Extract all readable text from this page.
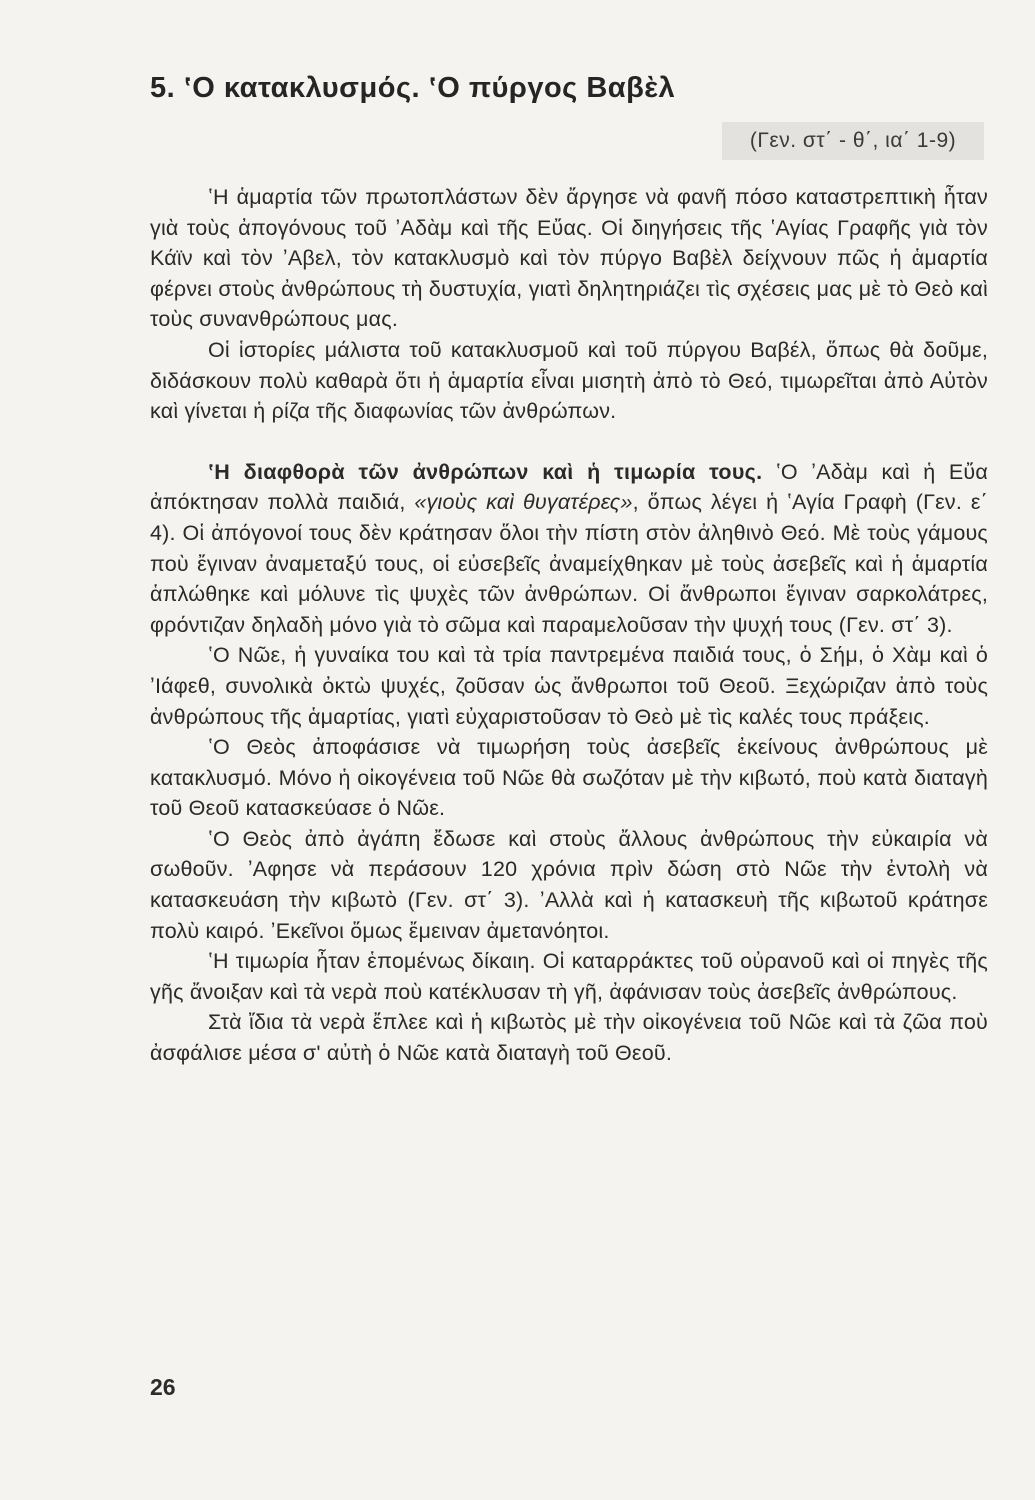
5. ʽΟ κατακλυσμός. ʽΟ πύργος Βαβὲλ
(Γεν. στ΄ - θ΄, ια΄ 1-9)

ʽΗ ἁμαρτία τῶν πρωτοπλάστων δὲν ἄργησε νὰ φανῆ πόσο καταστρεπτικὴ ἦταν γιὰ τοὺς ἀπογόνους τοῦ ʼΑδὰμ καὶ τῆς Εὔας. Οἱ διηγήσεις τῆς ʽΑγίας Γραφῆς γιὰ τὸν Κάϊν καὶ τὸν ʼΑβελ, τὸν κατακλυσμὸ καὶ τὸν πύργο Βαβὲλ δείχνουν πῶς ἡ ἁμαρτία φέρνει στοὺς ἀνθρώπους τὴ δυστυχία, γιατὶ δηλητηριάζει τὶς σχέσεις μας μὲ τὸ Θεὸ καὶ τοὺς συνανθρώπους μας.

Οἱ ἱστορίες μάλιστα τοῦ κατακλυσμοῦ καὶ τοῦ πύργου Βαβέλ, ὅπως θὰ δοῦμε, διδάσκουν πολὺ καθαρὰ ὅτι ἡ ἁμαρτία εἶναι μισητὴ ἀπὸ τὸ Θεό, τιμωρεῖται ἀπὸ Αὐτὸν καὶ γίνεται ἡ ρίζα τῆς διαφωνίας τῶν ἀνθρώπων.

ʽΗ διαφθορὰ τῶν ἀνθρώπων καὶ ἡ τιμωρία τους. ʽΟ ʼΑδὰμ καὶ ἡ Εὔα ἀπόκτησαν πολλὰ παιδιά, «γιοὺς καὶ θυγατέρες», ὅπως λέγει ἡ ʽΑγία Γραφὴ (Γεν. ε΄ 4). Οἱ ἀπόγονοί τους δὲν κράτησαν ὅλοι τὴν πίστη στὸν ἀληθινὸ Θεό. Μὲ τοὺς γάμους ποὺ ἔγιναν ἀναμεταξύ τους, οἱ εὐσεβεῖς ἀναμείχθηκαν μὲ τοὺς ἀσεβεῖς καὶ ἡ ἁμαρτία ἁπλώθηκε καὶ μόλυνε τὶς ψυχὲς τῶν ἀνθρώπων. Οἱ ἄνθρωποι ἔγιναν σαρκολάτρες, φρόντιζαν δηλαδὴ μόνο γιὰ τὸ σῶμα καὶ παραμελοῦσαν τὴν ψυχή τους (Γεν. στ΄ 3).

ʽΟ Νῶε, ἡ γυναίκα του καὶ τὰ τρία παντρεμένα παιδιά τους, ὁ Σήμ, ὁ Χὰμ καὶ ὁ ʼΙάφεθ, συνολικὰ ὀκτὼ ψυχές, ζοῦσαν ὡς ἄνθρωποι τοῦ Θεοῦ. Ξεχώριζαν ἀπὸ τοὺς ἀνθρώπους τῆς ἁμαρτίας, γιατὶ εὐχαριστοῦσαν τὸ Θεὸ μὲ τὶς καλές τους πράξεις.

ʽΟ Θεὸς ἀποφάσισε νὰ τιμωρήση τοὺς ἀσεβεῖς ἐκείνους ἀνθρώπους μὲ κατακλυσμό. Μόνο ἡ οἰκογένεια τοῦ Νῶε θὰ σωζόταν μὲ τὴν κιβωτό, ποὺ κατὰ διαταγὴ τοῦ Θεοῦ κατασκεύασε ὁ Νῶε.

ʽΟ Θεὸς ἀπὸ ἀγάπη ἔδωσε καὶ στοὺς ἄλλους ἀνθρώπους τὴν εὐκαιρία νὰ σωθοῦν. ʼΑφησε νὰ περάσουν 120 χρόνια πρὶν δώση στὸ Νῶε τὴν ἐντολὴ νὰ κατασκευάση τὴν κιβωτὸ (Γεν. στ΄ 3). ʼΑλλὰ καὶ ἡ κατασκευὴ τῆς κιβωτοῦ κράτησε πολὺ καιρό. ʼΕκεῖνοι ὅμως ἔμειναν ἀμετανόητοι.

ʽΗ τιμωρία ἦταν ἑπομένως δίκαιη. Οἱ καταρράκτες τοῦ οὐρανοῦ καὶ οἱ πηγὲς τῆς γῆς ἄνοιξαν καὶ τὰ νερὰ ποὺ κατέκλυσαν τὴ γῆ, ἀφάνισαν τοὺς ἀσεβεῖς ἀνθρώπους.

Στὰ ἴδια τὰ νερὰ ἔπλεε καὶ ἡ κιβωτὸς μὲ τὴν οἰκογένεια τοῦ Νῶε καὶ τὰ ζῶα ποὺ ἀσφάλισε μέσα σ' αὐτὴ ὁ Νῶε κατὰ διαταγὴ τοῦ Θεοῦ.

26
